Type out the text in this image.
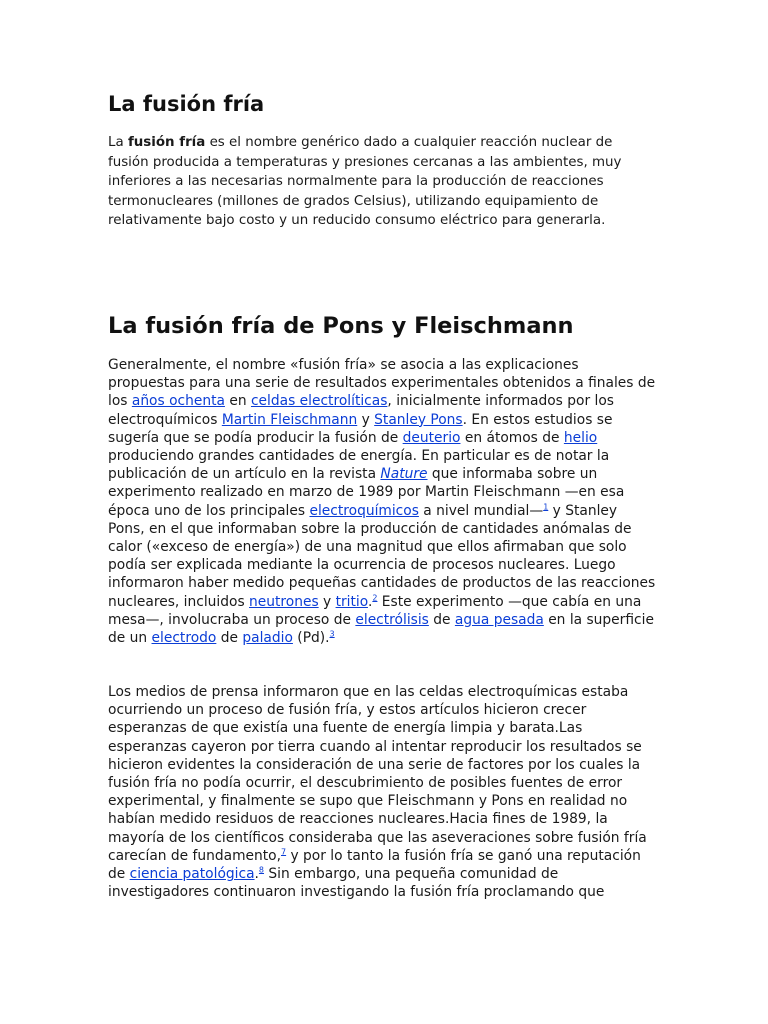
La fusión fría

La fusión fría es el nombre genérico dado a cualquier reacción nuclear de fusión producida a temperaturas y presiones cercanas a las ambientes, muy inferiores a las necesarias normalmente para la producción de reacciones termonucleares (millones de grados Celsius), utilizando equipamiento de relativamente bajo costo y un reducido consumo eléctrico para generarla.

La fusión fría de Pons y Fleischmann

Generalmente, el nombre «fusión fría» se asocia a las explicaciones propuestas para una serie de resultados experimentales obtenidos a finales de los años ochenta en celdas electrolíticas, inicialmente informados por los electroquímicos Martin Fleischmann y Stanley Pons. En estos estudios se sugería que se podía producir la fusión de deuterio en átomos de helio produciendo grandes cantidades de energía. En particular es de notar la publicación de un artículo en la revista Nature que informaba sobre un experimento realizado en marzo de 1989 por Martin Fleischmann —en esa época uno de los principales electroquímicos a nivel mundial—$^1$ y Stanley Pons, en el que informaban sobre la producción de cantidades anómalas de calor («exceso de energía») de una magnitud que ellos afirmaban que solo podía ser explicada mediante la ocurrencia de procesos nucleares. Luego informaron haber medido pequeñas cantidades de productos de las reacciones nucleares, incluidos neutrones y tritio.$^2$ Este experimento —que cabía en una mesa—, involucraba un proceso de electrólisis de agua pesada en la superficie de un electrodo de paladio (Pd).$^3$

Los medios de prensa informaron que en las celdas electroquímicas estaba ocurriendo un proceso de fusión fría, y estos artículos hicieron crecer esperanzas de que existía una fuente de energía limpia y barata.Las esperanzas cayeron por tierra cuando al intentar reproducir los resultados se hicieron evidentes la consideración de una serie de factores por los cuales la fusión fría no podía ocurrir, el descubrimiento de posibles fuentes de error experimental, y finalmente se supo que Fleischmann y Pons en realidad no habían medido residuos de reacciones nucleares.Hacia fines de 1989, la mayoría de los científicos consideraba que las aseveraciones sobre fusión fría carecían de fundamento,$^7$ y por lo tanto la fusión fría se ganó una reputación de ciencia patológica.$^8$ Sin embargo, una pequeña comunidad de investigadores continuaron investigando la fusión fría proclamando que
